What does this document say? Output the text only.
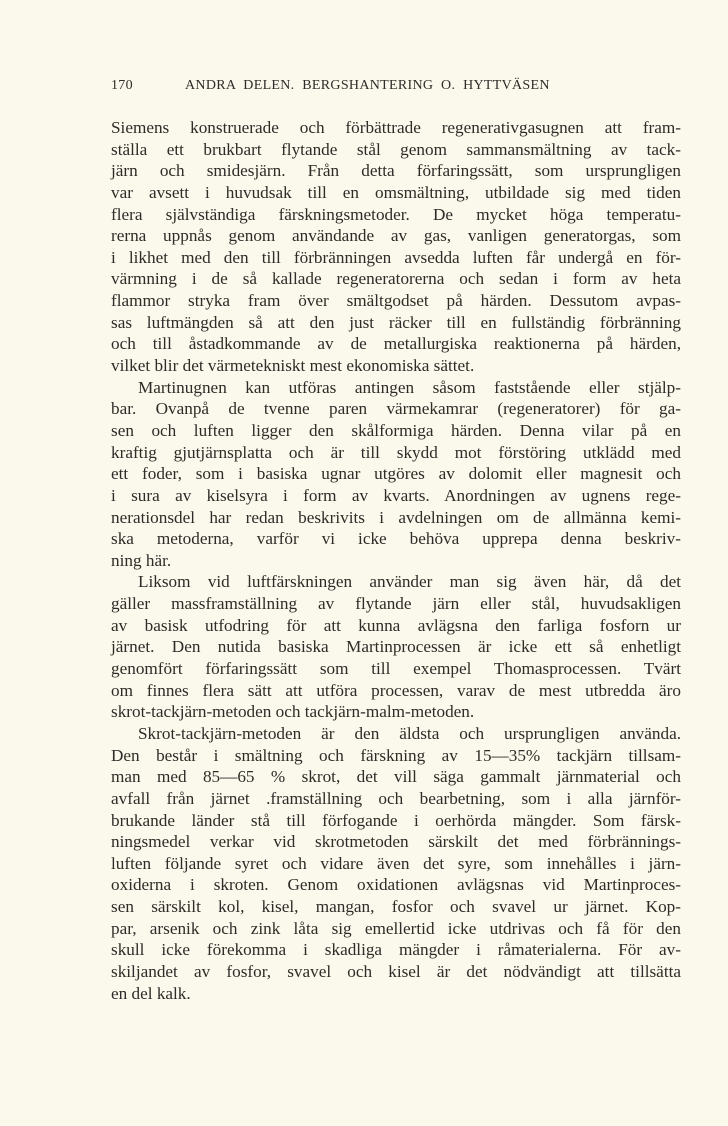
170	ANDRA DELEN. BERGSHANTERING O. HYTTVÄSEN
Siemens konstruerade och förbättrade regenerativgasugnen att fram-
ställa ett brukbart flytande stål genom sammansmältning av tack-
järn och smidesjärn. Från detta förfaringssätt, som ursprungligen
var avsett i huvudsak till en omsmältning, utbildade sig med tiden
flera självständiga färskningsmetoder. De mycket höga temperatu-
rerna uppnås genom användande av gas, vanligen generatorgas, som
i likhet med den till förbränningen avsedda luften får undergå en för-
värmning i de så kallade regeneratorerna och sedan i form av heta
flammor stryka fram över smältgodset på härden. Dessutom avpas-
sas luftmängden så att den just räcker till en fullständig förbränning
och till åstadkommande av de metallurgiska reaktionerna på härden,
vilket blir det värmetekniskt mest ekonomiska sättet.
Martinugnen kan utföras antingen såsom faststående eller stjälp-
bar. Ovanpå de tvenne paren värmekamrar (regeneratorer) för ga-
sen och luften ligger den skålformiga härden. Denna vilar på en
kraftig gjutjärnsplatta och är till skydd mot förstöring utklädd med
ett foder, som i basiska ugnar utgöres av dolomit eller magnesit och
i sura av kiselsyra i form av kvarts. Anordningen av ugnens rege-
nerationsdel har redan beskrivits i avdelningen om de allmänna kemi-
ska metoderna, varför vi icke behöva upprepa denna beskriv-
ning här.
Liksom vid luftfärskningen använder man sig även här, då det
gäller massframställning av flytande järn eller stål, huvudsakligen
av basisk utfodring för att kunna avlägsna den farliga fosforn ur
järnet. Den nutida basiska Martinprocessen är icke ett så enhetligt
genomfört förfaringssätt som till exempel Thomasprocessen. Tvärt
om finnes flera sätt att utföra processen, varav de mest utbredda äro
skrot-tackjärn-metoden och tackjärn-malm-metoden.
Skrot-tackjärn-metoden är den äldsta och ursprungligen använda.
Den består i smältning och färskning av 15—35% tackjärn tillsam-
man med 85—65 % skrot, det vill säga gammalt järnmaterial och
avfall från järnet .framställning och bearbetning, som i alla järnför-
brukande länder stå till förfogande i oerhörda mängder. Som färsk-
ningsmedel verkar vid skrotmetoden särskilt det med förbrännings-
luften följande syret och vidare även det syre, som innehålles i järn-
oxiderna i skroten. Genom oxidationen avlägsnas vid Martinproces-
sen särskilt kol, kisel, mangan, fosfor och svavel ur järnet. Kop-
par, arsenik och zink låta sig emellertid icke utdrivas och få för den
skull icke förekomma i skadliga mängder i råmaterialerna. För av-
skiljandet av fosfor, svavel och kisel är det nödvändigt att tillsätta
en del kalk.
